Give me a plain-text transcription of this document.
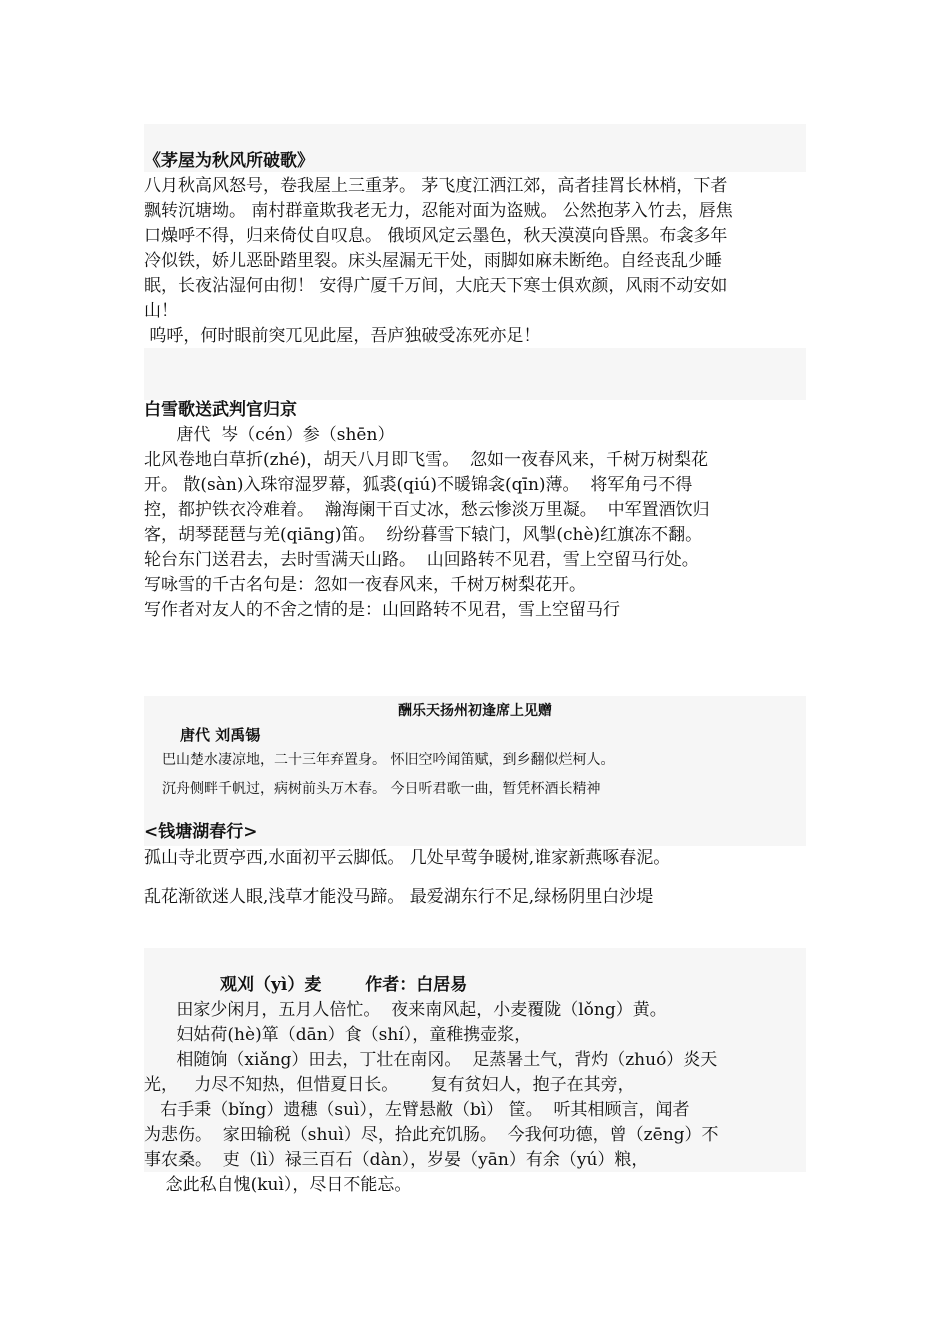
《茅屋为秋风所破歌》
八月秋高风怒号，卷我屋上三重茅。 茅飞度江洒江郊，高者挂罥长林梢，下者
飘转沉塘坳。 南村群童欺我老无力，忍能对面为盗贼。 公然抱茅入竹去，唇焦
口燥呼不得，归来倚仗自叹息。 俄顷风定云墨色，秋天漠漠向昏黑。布衾多年
冷似铁，娇儿恶卧踏里裂。床头屋漏无干处，雨脚如麻未断绝。自经丧乱少睡
眠，长夜沾湿何由彻！ 安得广厦千万间，大庇天下寒士俱欢颜，风雨不动安如
山！
呜呼，何时眼前突兀见此屋，吾庐独破受冻死亦足！
白雪歌送武判官归京
唐代  岑（cén）参（shēn）
北风卷地白草折(zhé)，胡天八月即飞雪。  忽如一夜春风来，千树万树梨花
开。 散(sàn)入珠帘湿罗幕，狐裘(qiú)不暖锦衾(qīn)薄。  将军角弓不得
控，都护铁衣冷难着。  瀚海阑干百丈冰，愁云惨淡万里凝。  中军置酒饮归
客，胡琴琵琶与羌(qiāng)笛。  纷纷暮雪下辕门，风掣(chè)红旗冻不翻。
轮台东门送君去，去时雪满天山路。  山回路转不见君，雪上空留马行处。
写咏雪的千古名句是：忽如一夜春风来，千树万树梨花开。
写作者对友人的不舍之情的是：山回路转不见君，雪上空留马行
酬乐天扬州初逢席上见赠
唐代 刘禹锡
巴山楚水凄凉地，二十三年弃置身。 怀旧空吟闻笛赋，到乡翻似烂柯人。
沉舟侧畔千帆过，病树前头万木春。 今日听君歌一曲，暂凭杯酒长精神
<钱塘湖春行>
孤山寺北贾亭西,水面初平云脚低。 几处早莺争暖树,谁家新燕啄春泥。
乱花渐欲迷人眼,浅草才能没马蹄。 最爱湖东行不足,绿杨阴里白沙堤
观刈（yì）麦	作者：白居易
田家少闲月，五月人倍忙。  夜来南风起，小麦覆陇（lǒng）黄。
妇姑荷(hè)箪（dān）食（shí），童稚携壶浆，
相随饷（xiǎng）田去，丁壮在南冈。  足蒸暑土气，背灼（zhuó）炎天
光，   力尽不知热，但惜夏日长。      复有贫妇人，抱子在其旁，
右手秉（bǐng）遗穗（suì），左臂悬敝（bì） 筐。  听其相顾言，闻者
为悲伤。  家田输税（shuì）尽，拾此充饥肠。  今我何功德，曾（zēng）不
事农桑。  吏（lì）禄三百石（dàn），岁晏（yān）有余（yú）粮，
念此私自愧(kuì），尽日不能忘。
